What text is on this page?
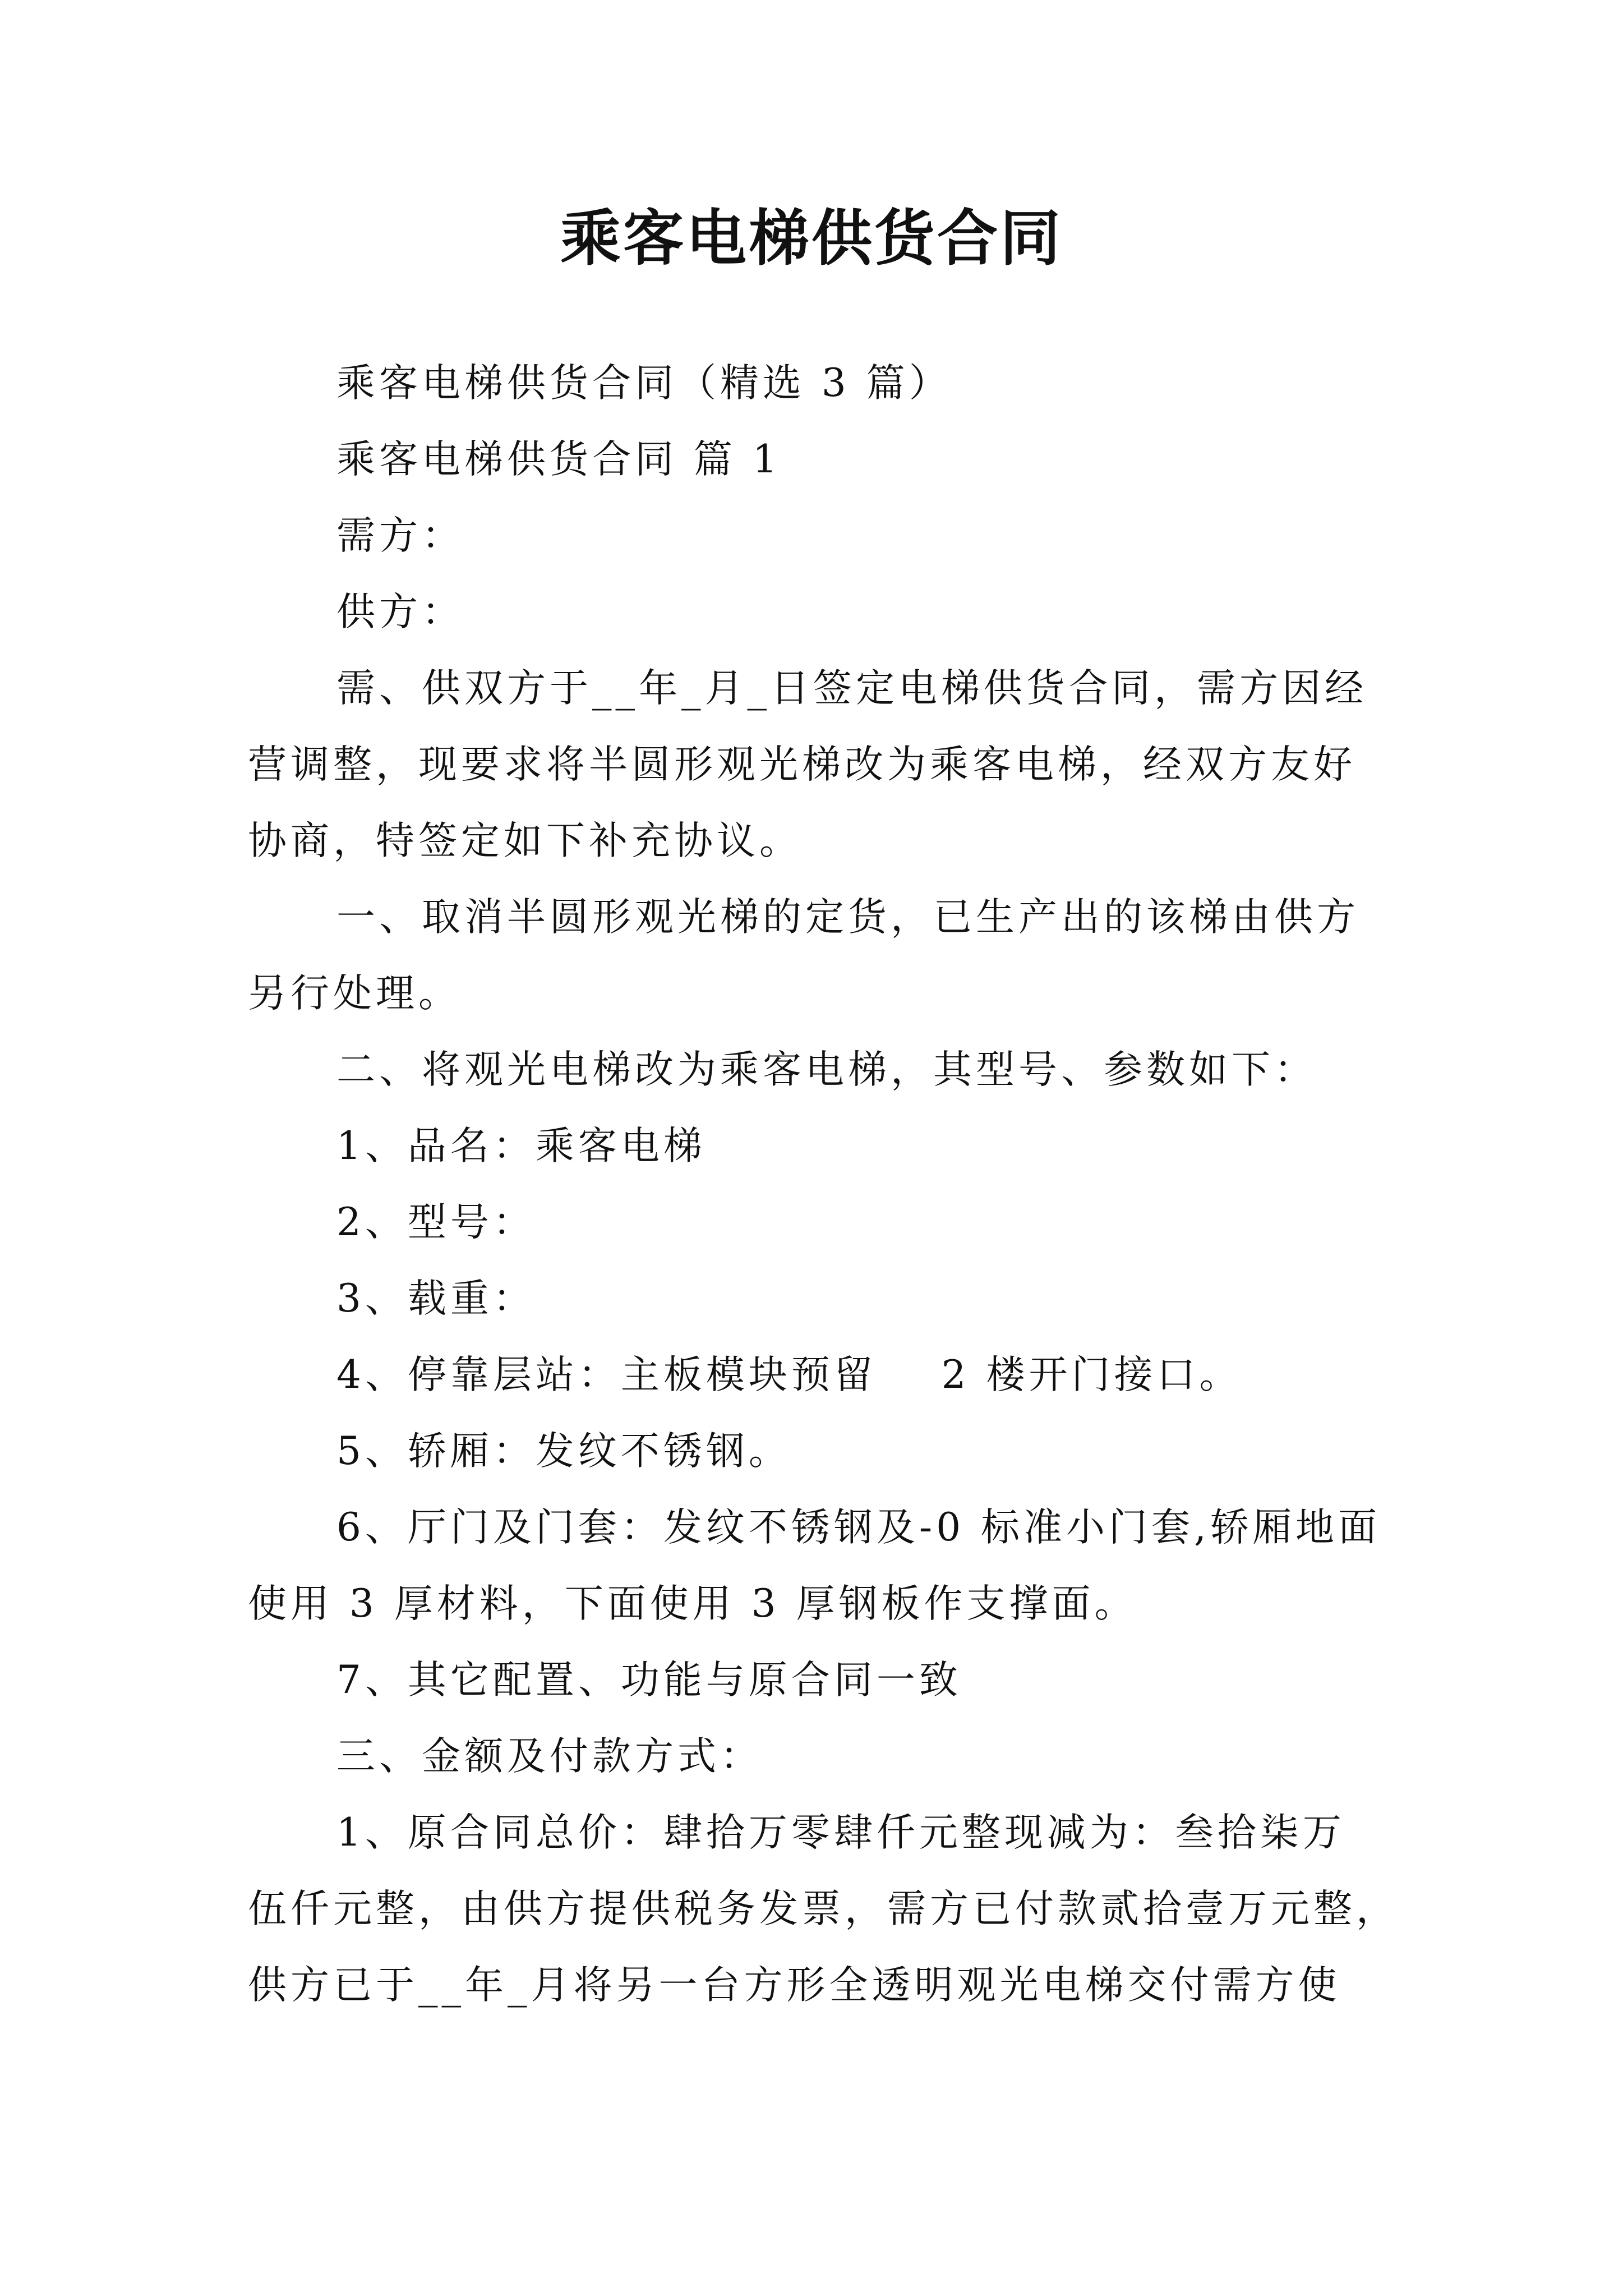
乘客电梯供货合同
乘客电梯供货合同（精选 3 篇）
乘客电梯供货合同 篇 1
需方：
供方：
需、供双方于__年_月_日签定电梯供货合同，需方因经
营调整，现要求将半圆形观光梯改为乘客电梯，经双方友好
协商，特签定如下补充协议。
一、取消半圆形观光梯的定货，已生产出的该梯由供方
另行处理。
二、将观光电梯改为乘客电梯，其型号、参数如下：
1、品名：乘客电梯
2、型号：
3、载重：
4、停靠层站：主板模块预留    2 楼开门接口。
5、轿厢：发纹不锈钢。
6、厅门及门套：发纹不锈钢及-0 标准小门套,轿厢地面
使用 3 厚材料，下面使用 3 厚钢板作支撑面。
7、其它配置、功能与原合同一致
三、金额及付款方式：
1、原合同总价：肆拾万零肆仟元整现减为：叁拾柒万
伍仟元整，由供方提供税务发票，需方已付款贰拾壹万元整，
供方已于__年_月将另一台方形全透明观光电梯交付需方使
